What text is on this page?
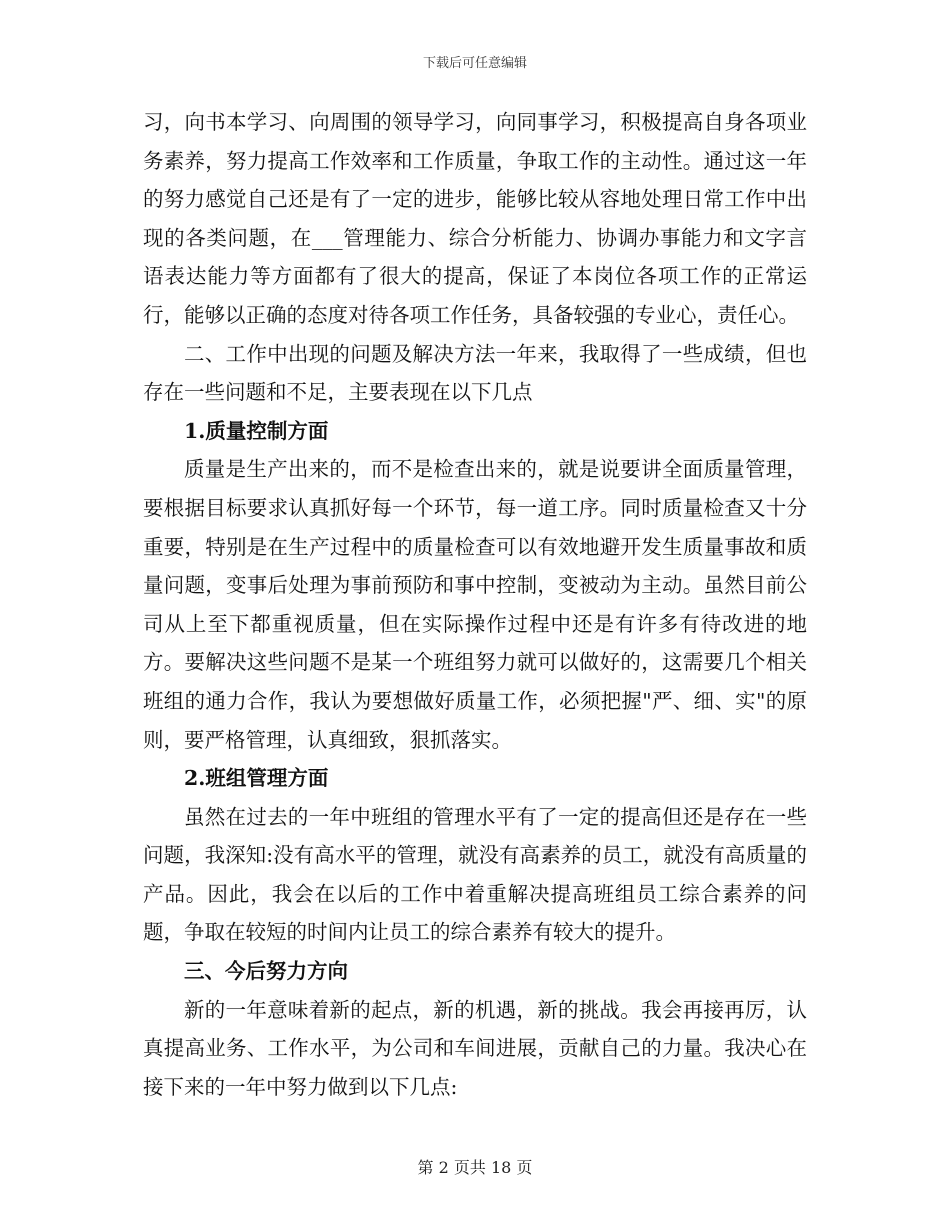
下载后可任意编辑

习，向书本学习、向周围的领导学习，向同事学习，积极提高自身各项业务素养，努力提高工作效率和工作质量，争取工作的主动性。通过这一年的努力感觉自己还是有了一定的进步，能够比较从容地处理日常工作中出现的各类问题，在___管理能力、综合分析能力、协调办事能力和文字言语表达能力等方面都有了很大的提高，保证了本岗位各项工作的正常运行，能够以正确的态度对待各项工作任务，具备较强的专业心，责任心。

二、工作中出现的问题及解决方法一年来，我取得了一些成绩，但也存在一些问题和不足，主要表现在以下几点

1.质量控制方面

质量是生产出来的，而不是检查出来的，就是说要讲全面质量管理，要根据目标要求认真抓好每一个环节，每一道工序。同时质量检查又十分重要，特别是在生产过程中的质量检查可以有效地避开发生质量事故和质量问题，变事后处理为事前预防和事中控制，变被动为主动。虽然目前公司从上至下都重视质量，但在实际操作过程中还是有许多有待改进的地方。要解决这些问题不是某一个班组努力就可以做好的，这需要几个相关班组的通力合作，我认为要想做好质量工作，必须把握"严、细、实"的原则，要严格管理，认真细致，狠抓落实。

2.班组管理方面

虽然在过去的一年中班组的管理水平有了一定的提高但还是存在一些问题，我深知:没有高水平的管理，就没有高素养的员工，就没有高质量的产品。因此，我会在以后的工作中着重解决提高班组员工综合素养的问题，争取在较短的时间内让员工的综合素养有较大的提升。

三、今后努力方向

新的一年意味着新的起点，新的机遇，新的挑战。我会再接再厉，认真提高业务、工作水平，为公司和车间进展，贡献自己的力量。我决心在接下来的一年中努力做到以下几点:

第 2 页共 18 页
